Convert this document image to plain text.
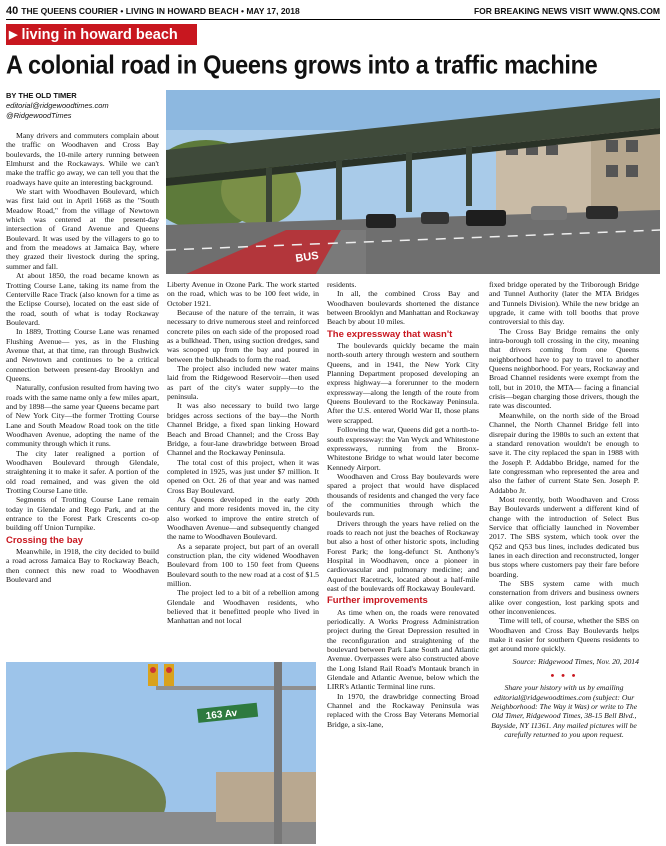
40 THE QUEENS COURIER • LIVING IN HOWARD BEACH • MAY 17, 2018	FOR BREAKING NEWS VISIT WWW.QNS.COM
▶ living in howard beach
A colonial road in Queens grows into a traffic machine
BY THE OLD TIMER
editorial@ridgewoodtimes.com
@RidgewoodTimes
BUS

Many drivers and commuters complain about the traffic on Woodhaven and Cross Bay boulevards, the 10-mile artery running between Elmhurst and the Rockaways. While we can't make the traffic go away, we can tell you that the roadways have quite an interesting background.

We start with Woodhaven Boulevard, which was first laid out in April 1668 as the "South Meadow Road," from the village of Newtown which was centered at the present-day intersection of Grand Avenue and Queens Boulevard. It was used by the villagers to go to and from the meadows at Jamaica Bay, where they grazed their livestock during the spring, summer and fall.

At about 1850, the road became known as Trotting Course Lane, taking its name from the Centerville Race Track (also known for a time as the Eclipse Course), located on the east side of the road, south of what is today Rockaway Boulevard.

In 1889, Trotting Course Lane was renamed Flushing Avenue— yes, as in the Flushing Avenue that, at that time, ran through Bushwick and Newtown and continues to be a critical connection between present-day Brooklyn and Queens.

Naturally, confusion resulted from having two roads with the same name only a few miles apart, and by 1898—the same year Queens became part of New York City—the former Trotting Course Lane and South Meadow Road took on the title Woodhaven Avenue, adopting the name of the community through which it runs.

The city later realigned a portion of Woodhaven Boulevard through Glendale, straightening it to make it safer. A portion of the old road remained, and was given the old Trotting Course Lane title.

Segments of Trotting Course Lane remain today in Glendale and Rego Park, and at the entrance to the Forest Park Crescents co-op building off Union Turnpike.

Crossing the bay

Meanwhile, in 1918, the city decided to build a road across Jamaica Bay to Rockaway Beach, then connect this new road to Woodhaven Boulevard and

163 Av

Liberty Avenue in Ozone Park. The work started on the road, which was to be 100 feet wide, in October 1921.

Because of the nature of the terrain, it was necessary to drive numerous steel and reinforced concrete piles on each side of the proposed road as a bulkhead. Then, using suction dredges, sand was scooped up from the bay and poured in between the bulkheads to form the road.

The project also included new water mains laid from the Ridgewood Reservoir—then used as part of the city's water supply—to the peninsula.

It was also necessary to build two large bridges across sections of the bay—the North Channel Bridge, a fixed span linking Howard Beach and Broad Channel; and the Cross Bay Bridge, a four-lane drawbridge between Broad Channel and the Rockaway Peninsula.

The total cost of this project, when it was completed in 1925, was just under $7 million. It opened on Oct. 26 of that year and was named Cross Bay Boulevard.

As Queens developed in the early 20th century and more residents moved in, the city also worked to improve the entire stretch of Woodhaven Avenue—and subsequently changed the name to Woodhaven Boulevard.

As a separate project, but part of an overall construction plan, the city widened Woodhaven Boulevard from 100 to 150 feet from Queens Boulevard south to the new road at a cost of $1.5 million.

The project led to a bit of a rebellion among Glendale and Woodhaven residents, who believed that it benefitted people who lived in Manhattan and not local

residents.

In all, the combined Cross Bay and Woodhaven boulevards shortened the distance between Brooklyn and Manhattan and Rockaway Beach by about 10 miles.

The expressway that wasn't

The boulevards quickly became the main north-south artery through western and southern Queens, and in 1941, the New York City Planning Department proposed developing an express highway—a forerunner to the modern expressway—along the length of the route from Queens Boulevard to the Rockaway Peninsula. After the U.S. entered World War II, those plans were scrapped.

Following the war, Queens did get a north-to-south expressway: the Van Wyck and Whitestone expressways, running from the Bronx-Whitestone Bridge to what would later become Kennedy Airport.

Woodhaven and Cross Bay boulevards were spared a project that would have displaced thousands of residents and changed the very face of the communities through which the boulevards run.

Drivers through the years have relied on the roads to reach not just the beaches of Rockaway but also a host of other historic spots, including Forest Park; the long-defunct St. Anthony's Hospital in Woodhaven, once a pioneer in cardiovascular and pulmonary medicine; and Aqueduct Racetrack, located about a half-mile east of the boulevards off Rockaway Boulevard.

Further improvements

As time when on, the roads were renovated periodically. A Works Progress Administration project during the Great Depression resulted in the reconfiguration and straightening of the boulevard between Park Lane South and Atlantic Avenue. Overpasses were also constructed above the Long Island Rail Road's Montauk branch in Glendale and Atlantic Avenue, below which the LIRR's Atlantic Terminal line runs.

In 1970, the drawbridge connecting Broad Channel and the Rockaway Peninsula was replaced with the Cross Bay Veterans Memorial Bridge, a six-lane,

fixed bridge operated by the Triborough Bridge and Tunnel Authority (later the MTA Bridges and Tunnels Division). While the new bridge an upgrade, it came with toll booths that prove controversial to this day.

The Cross Bay Bridge remains the only intra-borough toll crossing in the city, meaning that drivers coming from one Queens neighborhood have to pay to travel to another Queens neighborhood. For years, Rockaway and Broad Channel residents were exempt from the toll, but in 2010, the MTA— facing a financial crisis—began charging those drivers, though the rate was discounted.

Meanwhile, on the north side of the Broad Channel, the North Channel Bridge fell into disrepair during the 1980s to such an extent that a standard renovation wouldn't be enough to save it. The city replaced the span in 1988 with the Joseph P. Addabbo Bridge, named for the late congressman who represented the area and also the father of current State Sen. Joseph P. Addabbo Jr.

Most recently, both Woodhaven and Cross Bay Boulevards underwent a different kind of change with the introduction of Select Bus Service that officially launched in November 2017. The SBS system, which took over the Q52 and Q53 bus lines, includes dedicated bus lanes in each direction and reconstructed, longer bus stops where customers pay their fare before boarding.

The SBS system came with much consternation from drivers and business owners alike over congestion, lost parking spots and other inconveniences.

Time will tell, of course, whether the SBS on Woodhaven and Cross Bay Boulevards helps make it easier for southern Queens residents to get around more quickly.

Source: Ridgewood Times, Nov. 20, 2014

• • •

Share your history with us by emailing editorial@ridgewoodtimes.com (subject: Our Neighborhood: The Way it Was) or write to The Old Timer, Ridgewood Times, 38-15 Bell Blvd., Bayside, NY 11361. Any mailed pictures will be carefully returned to you upon request.
